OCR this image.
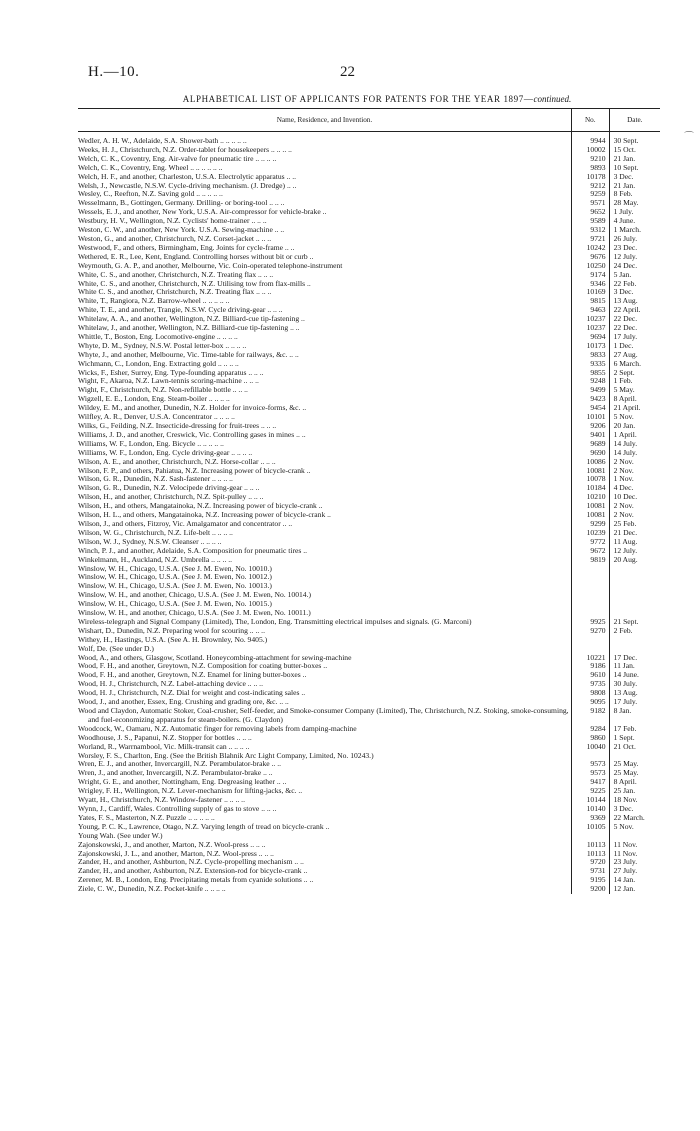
H.—10.	22
ALPHABETICAL LIST OF APPLICANTS FOR PATENTS FOR THE YEAR 1897—continued.
Name, Residence, and Invention.	No.	Date.
Wedler, A. H. W., Adelaide, S.A. Shower-bath .. .. .. .. ..	9944	30 Sept.
Weeks, H. J., Christchurch, N.Z. Order-tablet for housekeepers .. .. .. ..	10002	15 Oct.
Welch, C. K., Coventry, Eng. Air-valve for pneumatic tire .. .. .. ..	9210	21 Jan.
Welch, C. K., Coventry, Eng. Wheel .. .. .. .. .. ..	9893	10 Sept.
Welch, H. F., and another, Charleston, U.S.A. Electrolytic apparatus .. ..	10178	3 Dec.
Welsh, J., Newcastle, N.S.W. Cycle-driving mechanism. (J. Dredge) .. ..	9212	21 Jan.
Wesley, C., Reefton, N.Z. Saving gold .. .. .. .. ..	9259	8 Feb.
Wesselmann, B., Gottingen, Germany. Drilling- or boring-tool .. .. ..	9571	28 May.
Wessels, E. J., and another, New York, U.S.A. Air-compressor for vehicle-brake ..	9652	1 July.
Westbury, H. V., Wellington, N.Z. Cyclists' home-trainer .. .. ..	9589	4 June.
Weston, C. W., and another, New York. U.S.A. Sewing-machine .. ..	9312	1 March.
Weston, G., and another, Christchurch, N.Z. Corset-jacket .. .. ..	9721	26 July.
Westwood, F., and others, Birmingham, Eng. Joints for cycle-frame .. ..	10242	23 Dec.
Wethered, E. R., Lee, Kent, England. Controlling horses without bit or curb ..	9676	12 July.
Weymouth, G. A. P., and another, Melbourne, Vic. Coin-operated telephone-instrument	10250	24 Dec.
White, C. S., and another, Christchurch, N.Z. Treating flax .. .. ..	9174	5 Jan.
White, C. S., and another, Christchurch, N.Z. Utilising tow from flax-mills ..	9346	22 Feb.
White C. S., and another, Christchurch, N.Z. Treating flax .. .. ..	10169	3 Dec.
White, T., Rangiora, N.Z. Barrow-wheel .. .. .. .. ..	9815	13 Aug.
White, T. E., and another, Trangie, N.S.W. Cycle driving-gear .. .. ..	9463	22 April.
Whitelaw, A. A., and another, Wellington, N.Z. Billiard-cue tip-fastening ..	10237	22 Dec.
Whitelaw, J., and another, Wellington, N.Z. Billiard-cue tip-fastening .. ..	10237	22 Dec.
Whittle, T., Boston, Eng. Locomotive-engine .. .. .. ..	9694	17 July.
Whyte, D. M., Sydney, N.S.W. Postal letter-box .. .. .. ..	10173	1 Dec.
Whyte, J., and another, Melbourne, Vic. Time-table for railways, &c. .. ..	9833	27 Aug.
Wichmann, C., London, Eng. Extracting gold .. .. .. ..	9335	6 March.
Wicks, F., Esher, Surrey, Eng. Type-founding apparatus .. .. ..	9855	2 Sept.
Wight, F., Akaroa, N.Z. Lawn-tennis scoring-machine .. .. ..	9248	1 Feb.
Wight, F., Christchurch, N.Z. Non-refillable bottle .. .. ..	9499	5 May.
Wigzell, E. E., London, Eng. Steam-boiler .. .. .. ..	9423	8 April.
Wildey, E. M., and another, Dunedin, N.Z. Holder for invoice-forms, &c. ..	9454	21 April.
Wilfley, A. R., Denver, U.S.A. Concentrator .. .. .. ..	10101	5 Nov.
Wilks, G., Feilding, N.Z. Insecticide-dressing for fruit-trees .. .. ..	9206	20 Jan.
Williams, J. D., and another, Creswick, Vic. Controlling gases in mines .. ..	9401	1 April.
Williams, W. F., London, Eng. Bicycle .. .. .. .. ..	9689	14 July.
Williams, W. F., London, Eng. Cycle driving-gear .. .. .. ..	9690	14 July.
Wilson, A. E., and another, Christchurch, N.Z. Horse-collar .. .. ..	10086	2 Nov.
Wilson, F. P., and others, Pahiatua, N.Z. Increasing power of bicycle-crank ..	10081	2 Nov.
Wilson, G. R., Dunedin, N.Z. Sash-fastener .. .. .. ..	10078	1 Nov.
Wilson, G. R., Dunedin, N.Z. Velocipede driving-gear .. .. ..	10184	4 Dec.
Wilson, H., and another, Christchurch, N.Z. Spit-pulley .. .. ..	10210	10 Dec.
Wilson, H., and others, Mangatainoka, N.Z. Increasing power of bicycle-crank ..	10081	2 Nov.
Wilson, H. L., and others, Mangatainoka, N.Z. Increasing power of bicycle-crank ..	10081	2 Nov.
Wilson, J., and others, Fitzroy, Vic. Amalgamator and concentrator .. ..	9299	25 Feb.
Wilson, W. G., Christchurch, N.Z. Life-belt .. .. .. ..	10239	21 Dec.
Wilson, W. J., Sydney, N.S.W. Cleanser .. .. .. ..	9772	11 Aug.
Winch, P. J., and another, Adelaide, S.A. Composition for pneumatic tires ..	9672	12 July.
Winkelmann, H., Auckland, N.Z. Umbrella .. .. .. ..	9819	20 Aug.
Winslow, W. H., Chicago, U.S.A. (See J. M. Ewen, No. 10010.)		
Winslow, W. H., Chicago, U.S.A. (See J. M. Ewen, No. 10012.)		
Winslow, W. H., Chicago, U.S.A. (See J. M. Ewen, No. 10013.)		
Winslow, W. H., and another, Chicago, U.S.A. (See J. M. Ewen, No. 10014.)		
Winslow, W. H., Chicago, U.S.A. (See J. M. Ewen, No. 10015.)		
Winslow, W. H., and another, Chicago, U.S.A. (See J. M. Ewen, No. 10011.)		
Wireless-telegraph and Signal Company (Limited), The, London, Eng. Transmitting electrical impulses and signals. (G. Marconi)	9925	21 Sept.
Wishart, D., Dunedin, N.Z. Preparing wool for scouring .. .. ..	9270	2 Feb.
Withey, H., Hastings, U.S.A. (See A. H. Brownley, No. 9405.)		
Wolf, De. (See under D.)		
Wood, A., and others, Glasgow, Scotland. Honeycombing-attachment for sewing-machine	10221	17 Dec.
Wood, F. H., and another, Greytown, N.Z. Composition for coating butter-boxes ..	9186	11 Jan.
Wood, F. H., and another, Greytown, N.Z. Enamel for lining butter-boxes ..	9610	14 June.
Wood, H. J., Christchurch, N.Z. Label-attaching device .. .. ..	9735	30 July.
Wood, H. J., Christchurch, N.Z. Dial for weight and cost-indicating sales ..	9808	13 Aug.
Wood, J., and another, Essex, Eng. Crushing and grading ore, &c. .. ..	9095	17 July.
Wood and Claydon, Automatic Stoker, Coal-crusher, Self-feeder, and Smoke-consumer Company (Limited), The, Christchurch, N.Z. Stoking, smoke-consuming, and fuel-economizing apparatus for steam-boilers. (G. Claydon)	9182	8 Jan.
Woodcock, W., Oamaru, N.Z. Automatic finger for removing labels from damping-machine	9284	17 Feb.
Woodhouse, J. S., Papanui, N.Z. Stopper for bottles .. .. ..	9860	1 Sept.
Worland, R., Warrnambool, Vic. Milk-transit can .. .. .. ..	10040	21 Oct.
Worsley, F. S., Charlton, Eng. (See the British Blahnik Arc Light Company, Limited, No. 10243.)		
Wren, E. J., and another, Invercargill, N.Z. Perambulator-brake .. ..	9573	25 May.
Wren, J., and another, Invercargill, N.Z. Perambulator-brake .. ..	9573	25 May.
Wright, G. E., and another, Nottingham, Eng. Degreasing leather .. ..	9417	8 April.
Wrigley, F. H., Wellington, N.Z. Lever-mechanism for lifting-jacks, &c. ..	9225	25 Jan.
Wyatt, H., Christchurch, N.Z. Window-fastener .. .. .. ..	10144	18 Nov.
Wynn, J., Cardiff, Wales. Controlling supply of gas to stove .. .. ..	10140	3 Dec.
Yates, F. S., Masterton, N.Z. Puzzle .. .. .. .. ..	9369	22 March.
Young, P. C. K., Lawrence, Otago, N.Z. Varying length of tread on bicycle-crank ..	10105	5 Nov.
Young Wah. (See under W.)		
Zajonskowski, J., and another, Marton, N.Z. Wool-press .. .. ..	10113	11 Nov.
Zajonskowski, J. L., and another, Marton, N.Z. Wool-press .. .. ..	10113	11 Nov.
Zander, H., and another, Ashburton, N.Z. Cycle-propelling mechanism .. ..	9720	23 July.
Zander, H., and another, Ashburton, N.Z. Extension-rod for bicycle-crank ..	9731	27 July.
Zerener, M. B., London, Eng. Precipitating metals from cyanide solutions .. ..	9195	14 Jan.
Ziele, C. W., Dunedin, N.Z. Pocket-knife .. .. .. ..	9200	12 Jan.
⌒
